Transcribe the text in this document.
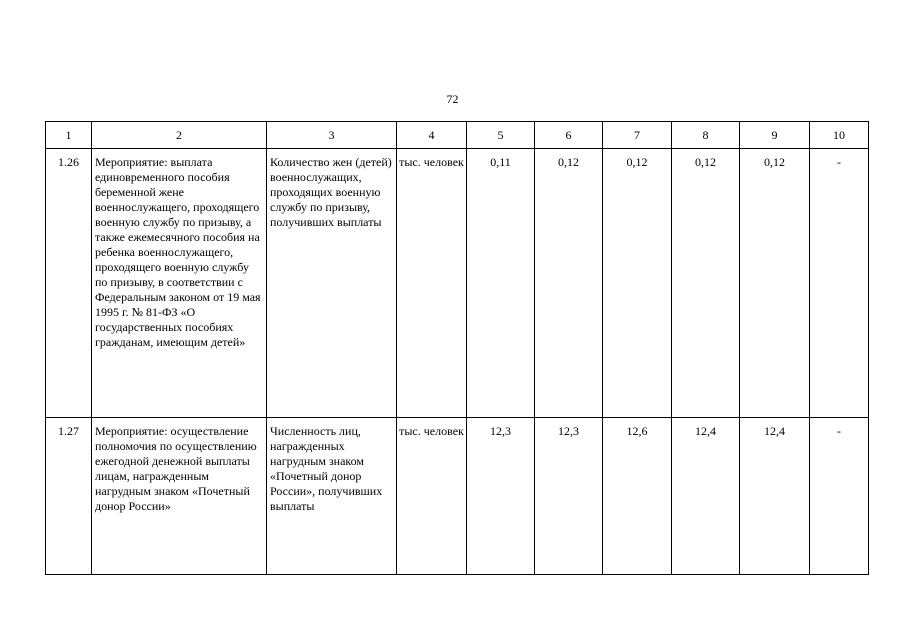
72
1	2	3	4	5	6	7	8	9	10
1.26	Мероприятие: выплата единовременного пособия беременной жене военнослужащего, проходящего военную службу по призыву, а также ежемесячного пособия на ребенка военнослужащего, проходящего военную службу по призыву, в соответствии с Федеральным законом от 19 мая 1995 г. № 81-ФЗ «О государственных пособиях гражданам, имеющим детей»	Количество жен (детей) военнослужащих, проходящих военную службу по призыву, получивших выплаты	тыс. человек	0,11	0,12	0,12	0,12	0,12	-
1.27	Мероприятие: осуществление полномочия по осуществлению ежегодной денежной выплаты лицам, награжденным нагрудным знаком «Почетный донор России»	Численность лиц, награжденных нагрудным знаком «Почетный донор России», получивших выплаты	тыс. человек	12,3	12,3	12,6	12,4	12,4	-
